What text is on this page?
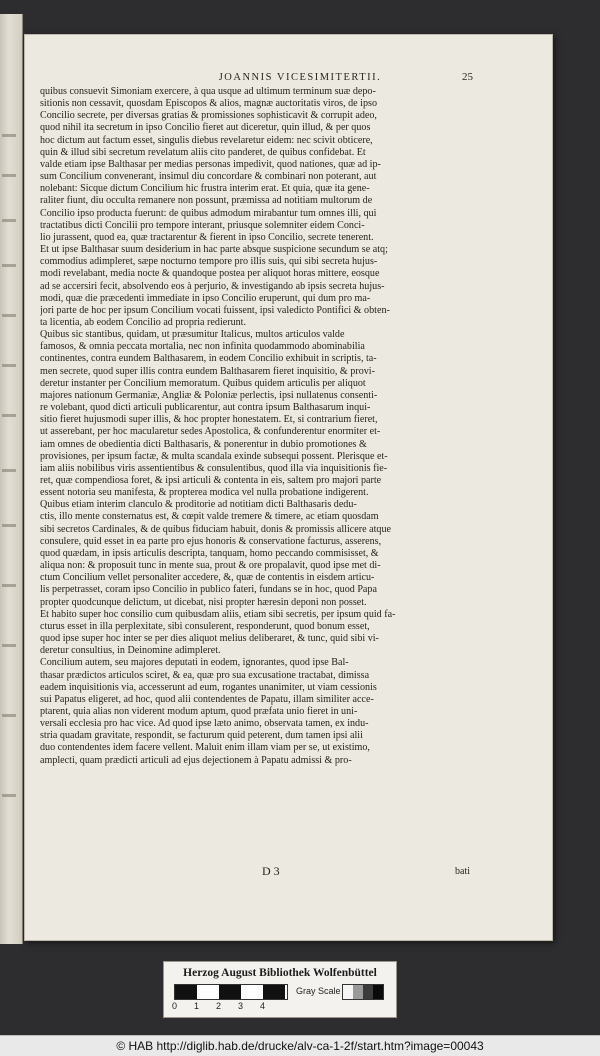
JOANNIS VICESIMITERTII.	25
quibus consuevit Simoniam exercere, à qua usque ad ultimum terminum suæ depo-
sitionis non cessavit, quosdam Episcopos & alios, magnæ auctoritatis viros, de ipso
Concilio secrete, per diversas gratias & promissiones sophisticavit & corrupit adeo,
quod nihil ita secretum in ipso Concilio fieret aut diceretur, quin illud, & per quos
hoc dictum aut factum esset, singulis diebus revelaretur eidem: nec scivit obticere,
quin & illud sibi secretum revelatum aliis cito panderet, de quibus confidebat. Et
valde etiam ipse Balthasar per medias personas impedivit, quod nationes, quæ ad ip-
sum Concilium convenerant, insimul diu concordare & combinari non poterant, aut
nolebant: Sicque dictum Concilium hic frustra interim erat. Et quia, quæ ita gene-
raliter fiunt, diu occulta remanere non possunt, præmissa ad notitiam multorum de
Concilio ipso producta fuerunt: de quibus admodum mirabantur tum omnes illi, qui
tractatibus dicti Concilii pro tempore interant, priusque solemniter eidem Conci-
lio jurassent, quod ea, quæ tractarentur & fierent in ipso Concilio, secrete tenerent.
Et ut ipse Balthasar suum desiderium in hac parte absque suspicione secundum se atq;
commodius adimpleret, sæpe nocturno tempore pro illis suis, qui sibi secreta hujus-
modi revelabant, media nocte & quandoque postea per aliquot horas mittere, eosque
ad se accersiri fecit, absolvendo eos à perjurio, & investigando ab ipsis secreta hujus-
modi, quæ die præcedenti immediate in ipso Concilio eruperunt, qui dum pro ma-
jori parte de hoc per ipsum Concilium vocati fuissent, ipsi valedicto Pontifici & obten-
ta licentia, ab eodem Concilio ad propria redierunt.
Quibus sic stantibus, quidam, ut præsumitur Italicus, multos articulos valde
famosos, & omnia peccata mortalia, nec non infinita quodammodo abominabilia
continentes, contra eundem Balthasarem, in eodem Concilio exhibuit in scriptis, ta-
men secrete, quod super illis contra eundem Balthasarem fieret inquisitio, & provi-
deretur instanter per Concilium memoratum. Quibus quidem articulis per aliquot
majores nationum Germaniæ, Angliæ & Poloniæ perlectis, ipsi nullatenus consenti-
re volebant, quod dicti articuli publicarentur, aut contra ipsum Balthasarum inqui-
sitio fieret hujusmodi super illis, & hoc propter honestatem. Et, si contrarium fieret,
ut asserebant, per hoc macularetur sedes Apostolica, & confunderentur enormiter et-
iam omnes de obedientia dicti Balthasaris, & ponerentur in dubio promotiones &
provisiones, per ipsum factæ, & multa scandala exinde subsequi possent. Plerisque et-
iam aliis nobilibus viris assentientibus & consulentibus, quod illa via inquisitionis fie-
ret, quæ compendiosa foret, & ipsi articuli & contenta in eis, saltem pro majori parte
essent notoria seu manifesta, & propterea modica vel nulla probatione indigerent.
Quibus etiam interim clanculo & proditorie ad notitiam dicti Balthasaris dedu-
ctis, illo mente consternatus est, & cœpit valde tremere & timere, ac etiam quosdam
sibi secretos Cardinales, & de quibus fiduciam habuit, donis & promissis allicere atque
consulere, quid esset in ea parte pro ejus honoris & conservatione facturus, asserens,
quod quædam, in ipsis articulis descripta, tanquam, homo peccando commisisset, &
aliqua non: & proposuit tunc in mente sua, prout & ore propalavit, quod ipse met di-
ctum Concilium vellet personaliter accedere, &, quæ de contentis in eisdem articu-
lis perpetrasset, coram ipso Concilio in publico fateri, fundans se in hoc, quod Papa
propter quodcunque delictum, ut dicebat, nisi propter hæresin deponi non posset.
Et habito super hoc consilio cum quibusdam aliis, etiam sibi secretis, per ipsum quid fa-
cturus esset in illa perplexitate, sibi consulerent, responderunt, quod bonum esset,
quod ipse super hoc inter se per dies aliquot melius deliberaret, & tunc, quid sibi vi-
deretur consultius, in Deinomine adimpleret.
Concilium autem, seu majores deputati in eodem, ignorantes, quod ipse Bal-
thasar prædictos articulos sciret, & ea, quæ pro sua excusatione tractabat, dimissa
eadem inquisitionis via, accesserunt ad eum, rogantes unanimiter, ut viam cessionis
sui Papatus eligeret, ad hoc, quod alii contendentes de Papatu, illam similiter acce-
ptarent, quia alias non viderent modum aptum, quod præfata unio fieret in uni-
versali ecclesia pro hac vice. Ad quod ipse læto animo, observata tamen, ex indu-
stria quadam gravitate, respondit, se facturum quid peterent, dum tamen ipsi alii
duo contendentes idem facere vellent. Maluit enim illam viam per se, ut existimo,
amplecti, quam prædicti articuli ad ejus dejectionem à Papatu admissi & pro-
D 3	bati
Herzog August Bibliothek Wolfenbüttel
0 1 2 3 4
Gray Scale
© HAB http://diglib.hab.de/drucke/alv-ca-1-2f/start.htm?image=00043
